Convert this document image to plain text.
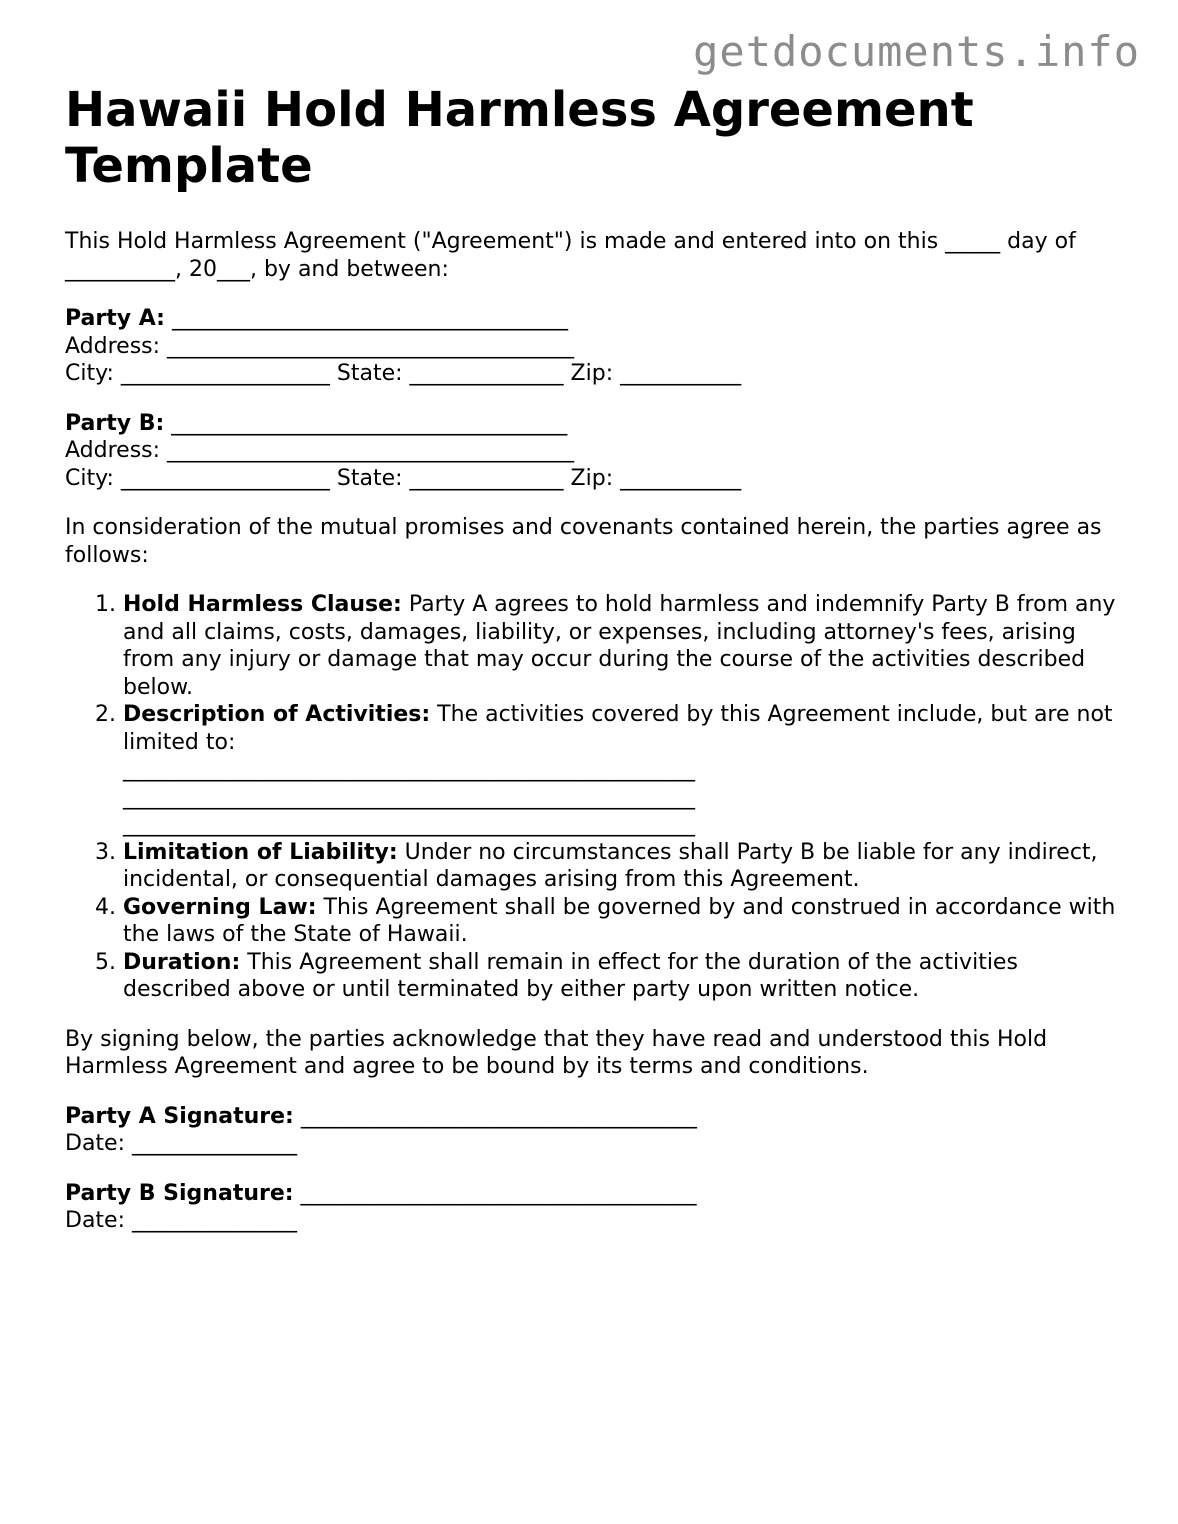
getdocuments.info

Hawaii Hold Harmless Agreement Template

This Hold Harmless Agreement ("Agreement") is made and entered into on this _____ day of __________, 20___, by and between:

Party A: ____________________________________

Address: _____________________________________

City: ___________________ State: ______________ Zip: ___________

Party B: ____________________________________

Address: _____________________________________

City: ___________________ State: ______________ Zip: ___________

In consideration of the mutual promises and covenants contained herein, the parties agree as follows:

1. Hold Harmless Clause: Party A agrees to hold harmless and indemnify Party B from any and all claims, costs, damages, liability, or expenses, including attorney's fees, arising from any injury or damage that may occur during the course of the activities described below.
2. Description of Activities: The activities covered by this Agreement include, but are not limited to:
____________________________________________________
____________________________________________________
____________________________________________________
3. Limitation of Liability: Under no circumstances shall Party B be liable for any indirect, incidental, or consequential damages arising from this Agreement.
4. Governing Law: This Agreement shall be governed by and construed in accordance with the laws of the State of Hawaii.
5. Duration: This Agreement shall remain in effect for the duration of the activities described above or until terminated by either party upon written notice.

By signing below, the parties acknowledge that they have read and understood this Hold Harmless Agreement and agree to be bound by its terms and conditions.

Party A Signature: ____________________________________

Date: _______________

Party B Signature: ____________________________________

Date: _______________
